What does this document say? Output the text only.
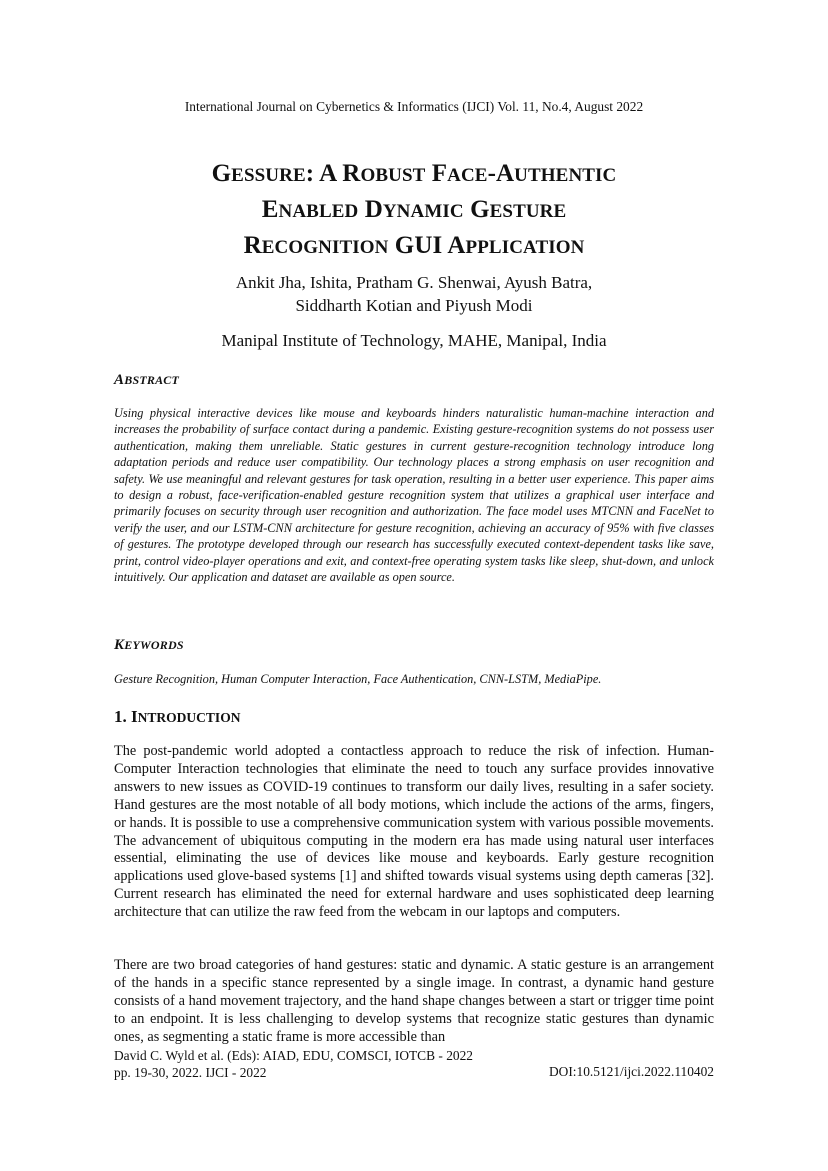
International Journal on Cybernetics & Informatics (IJCI) Vol. 11, No.4, August 2022
GESSURE: A ROBUST FACE-AUTHENTIC
ENABLED DYNAMIC GESTURE
RECOGNITION GUI APPLICATION
Ankit Jha, Ishita, Pratham G. Shenwai, Ayush Batra,
Siddharth Kotian and Piyush Modi
Manipal Institute of Technology, MAHE, Manipal, India
ABSTRACT
Using physical interactive devices like mouse and keyboards hinders naturalistic human-machine interaction and increases the probability of surface contact during a pandemic. Existing gesture-recognition systems do not possess user authentication, making them unreliable. Static gestures in current gesture-recognition technology introduce long adaptation periods and reduce user compatibility. Our technology places a strong emphasis on user recognition and safety. We use meaningful and relevant gestures for task operation, resulting in a better user experience. This paper aims to design a robust, face-verification-enabled gesture recognition system that utilizes a graphical user interface and primarily focuses on security through user recognition and authorization. The face model uses MTCNN and FaceNet to verify the user, and our LSTM-CNN architecture for gesture recognition, achieving an accuracy of 95% with five classes of gestures. The prototype developed through our research has successfully executed context-dependent tasks like save, print, control video-player operations and exit, and context-free operating system tasks like sleep, shut-down, and unlock intuitively. Our application and dataset are available as open source.
KEYWORDS
Gesture Recognition, Human Computer Interaction, Face Authentication, CNN-LSTM, MediaPipe.
1. INTRODUCTION
The post-pandemic world adopted a contactless approach to reduce the risk of infection. Human-Computer Interaction technologies that eliminate the need to touch any surface provides innovative answers to new issues as COVID-19 continues to transform our daily lives, resulting in a safer society. Hand gestures are the most notable of all body motions, which include the actions of the arms, fingers, or hands. It is possible to use a comprehensive communication system with various possible movements. The advancement of ubiquitous computing in the modern era has made using natural user interfaces essential, eliminating the use of devices like mouse and keyboards. Early gesture recognition applications used glove-based systems [1] and shifted towards visual systems using depth cameras [32]. Current research has eliminated the need for external hardware and uses sophisticated deep learning architecture that can utilize the raw feed from the webcam in our laptops and computers.
There are two broad categories of hand gestures: static and dynamic. A static gesture is an arrangement of the hands in a specific stance represented by a single image. In contrast, a dynamic hand gesture consists of a hand movement trajectory, and the hand shape changes between a start or trigger time point to an endpoint. It is less challenging to develop systems that recognize static gestures than dynamic ones, as segmenting a static frame is more accessible than
David C. Wyld et al. (Eds): AIAD, EDU, COMSCI, IOTCB - 2022
pp. 19-30, 2022. IJCI - 2022	DOI:10.5121/ijci.2022.110402
